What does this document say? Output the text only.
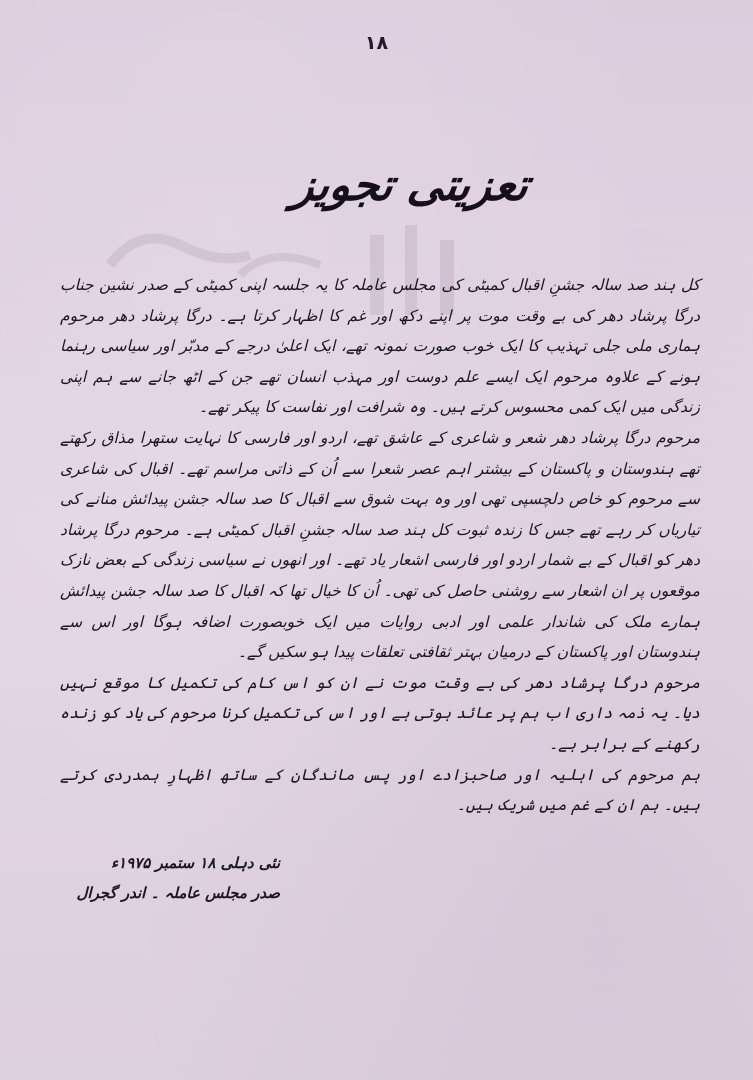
۱۸
تعزیتی تجویز

کل ہند صد سالہ جشنِ اقبال کمیٹی کی مجلس عاملہ کا یہ جلسہ اپنی کمیٹی کے صدر نشین جناب درگا پرشاد دھر کی بے وقت موت پر اپنے دکھ اور غم کا اظہار کرتا ہے۔ درگا پرشاد دھر مرحوم ہماری ملی جلی تہذیب کا ایک خوب صورت نمونہ تھے، ایک اعلیٰ درجے کے مدبّر اور سیاسی رہنما ہونے کے علاوہ مرحوم ایک ایسے علم دوست اور مہذب انسان تھے جن کے اٹھ جانے سے ہم اپنی زندگی میں ایک کمی محسوس کرتے ہیں۔ وہ شرافت اور نفاست کا پیکر تھے۔

مرحوم درگا پرشاد دھر شعر و شاعری کے عاشق تھے، اردو اور فارسی کا نہایت ستھرا مذاق رکھتے تھے ہندوستان و پاکستان کے بیشتر اہم عصر شعرا سے اُن کے ذاتی مراسم تھے۔ اقبال کی شاعری سے مرحوم کو خاص دلچسپی تھی اور وہ بہت شوق سے اقبال کا صد سالہ جشن پیدائش منانے کی تیاریاں کر رہے تھے جس کا زندہ ثبوت کل ہند صد سالہ جشنِ اقبال کمیٹی ہے۔ مرحوم درگا پرشاد دھر کو اقبال کے بے شمار اردو اور فارسی اشعار یاد تھے۔ اور انھوں نے سیاسی زندگی کے بعض نازک موقعوں پر ان اشعار سے روشنی حاصل کی تھی۔ اُن کا خیال تھا کہ اقبال کا صد سالہ جشن پیدائش ہمارے ملک کی شاندار علمی اور ادبی روایات میں ایک خوبصورت اضافہ ہوگا اور اس سے ہندوستان اور پاکستان کے درمیان بہتر ثقافتی تعلقات پیدا ہو سکیں گے۔

مرحوم درگا پرشاد دھر کی بے وقت موت نے ان کو اس کام کی تکمیل کا موقع نہیں دیا۔ یہ ذمہ داری اب ہم پر عائد ہوتی ہے اور اس کی تکمیل کرنا مرحوم کی یاد کو زندہ رکھنے کے برابر ہے۔

ہم مرحوم کی اہلیہ اور صاحبزادے اور پس ماندگان کے ساتھ اظہارِ ہمدردی کرتے ہیں۔ ہم ان کے غم میں شریک ہیں۔

نئی دہلی ۱۸ ستمبر ۱۹۷۵ء
صدر مجلس عاملہ ۔ اندر گجرال
